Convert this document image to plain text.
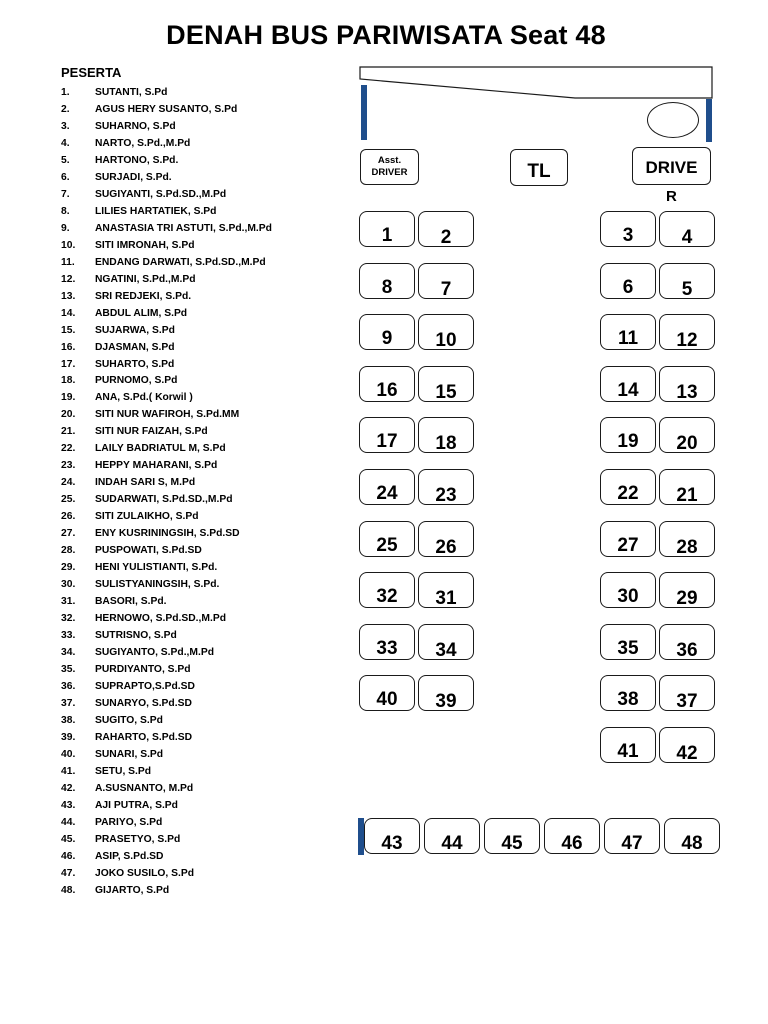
DENAH BUS PARIWISATA Seat 48
PESERTA
1.	SUTANTI, S.Pd
2.	AGUS HERY SUSANTO, S.Pd
3.	SUHARNO, S.Pd
4.	NARTO, S.Pd.,M.Pd
5.	HARTONO, S.Pd.
6.	SURJADI, S.Pd.
7.	SUGIYANTI, S.Pd.SD.,M.Pd
8.	LILIES HARTATIEK, S.Pd
9.	ANASTASIA TRI ASTUTI, S.Pd.,M.Pd
10.	SITI IMRONAH, S.Pd
11.	ENDANG DARWATI, S.Pd.SD.,M.Pd
12.	NGATINI, S.Pd.,M.Pd
13.	SRI REDJEKI, S.Pd.
14.	ABDUL ALIM, S.Pd
15.	SUJARWA, S.Pd
16.	DJASMAN, S.Pd
17.	SUHARTO, S.Pd
18.	PURNOMO, S.Pd
19.	ANA, S.Pd.( Korwil )
20.	SITI NUR WAFIROH, S.Pd.MM
21.	SITI NUR FAIZAH, S.Pd
22.	LAILY BADRIATUL M, S.Pd
23.	HEPPY MAHARANI, S.Pd
24.	INDAH SARI S, M.Pd
25.	SUDARWATI, S.Pd.SD.,M.Pd
26.	SITI ZULAIKHO, S.Pd
27.	ENY KUSRININGSIH, S.Pd.SD
28.	PUSPOWATI, S.Pd.SD
29.	HENI YULISTIANTI, S.Pd.
30.	SULISTYANINGSIH, S.Pd.
31.	BASORI, S.Pd.
32.	HERNOWO, S.Pd.SD.,M.Pd
33.	SUTRISNO, S.Pd
34.	SUGIYANTO, S.Pd.,M.Pd
35.	PURDIYANTO, S.Pd
36.	SUPRAPTO,S.Pd.SD
37.	SUNARYO, S.Pd.SD
38.	SUGITO, S.Pd
39.	RAHARTO, S.Pd.SD
40.	SUNARI, S.Pd
41.	SETU, S.Pd
42.	A.SUSNANTO, M.Pd
43.	AJI PUTRA, S.Pd
44.	PARIYO, S.Pd
45.	PRASETYO, S.Pd
46.	ASIP, S.Pd.SD
47.	JOKO SUSILO, S.Pd
48.	GIJARTO, S.Pd
Asst.
DRIVER	TL	DRIVE
R
1	2	3	4
8	7	6	5
9	10	11	12
16	15	14	13
17	18	19	20
24	23	22	21
25	26	27	28
32	31	30	29
33	34	35	36
40	39	38	37
41	42
43	44	45	46	47	48
